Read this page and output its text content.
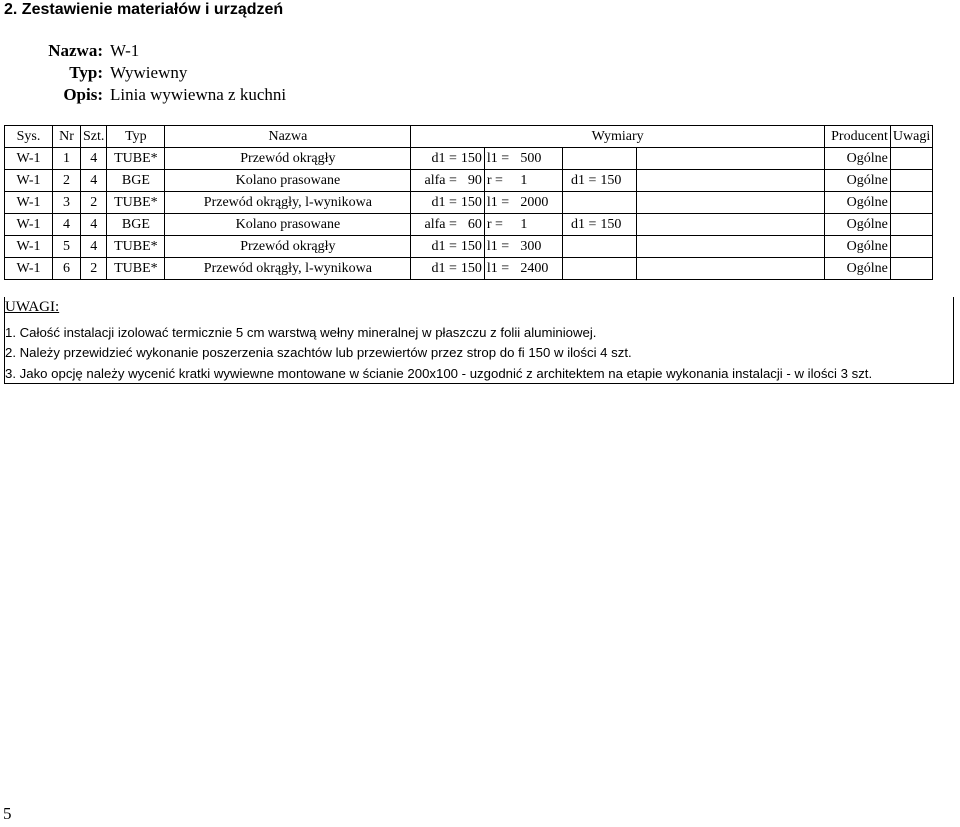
2. Zestawienie materiałów i urządzeń
Nazwa: W-1
Typ: Wywiewny
Opis: Linia wywiewna z kuchni
Sys.	Nr	Szt.	Typ	Nazwa	Wymiary							Producent	Uwagi
W-1	1	4	TUBE*	Przewód okrągły	d1 =	150	l1 =	500				Ogólne	
W-1	2	4	BGE	Kolano prasowane	alfa =	90	r =	1	d1 =	150		Ogólne	
W-1	3	2	TUBE*	Przewód okrągły, l-wynikowa	d1 =	150	l1 =	2000				Ogólne	
W-1	4	4	BGE	Kolano prasowane	alfa =	60	r =	1	d1 =	150		Ogólne	
W-1	5	4	TUBE*	Przewód okrągły	d1 =	150	l1 =	300				Ogólne	
W-1	6	2	TUBE*	Przewód okrągły, l-wynikowa	d1 =	150	l1 =	2400				Ogólne	
UWAGI:
1. Całość instalacji izolować termicznie 5 cm warstwą wełny mineralnej w płaszczu z folii aluminiowej.
2. Należy przewidzieć wykonanie poszerzenia szachtów lub przewiertów przez strop do fi 150 w ilości 4 szt.
3. Jako opcję należy wycenić kratki wywiewne montowane w ścianie 200x100 - uzgodnić z architektem na etapie wykonania instalacji - w ilości 3 szt.
5
